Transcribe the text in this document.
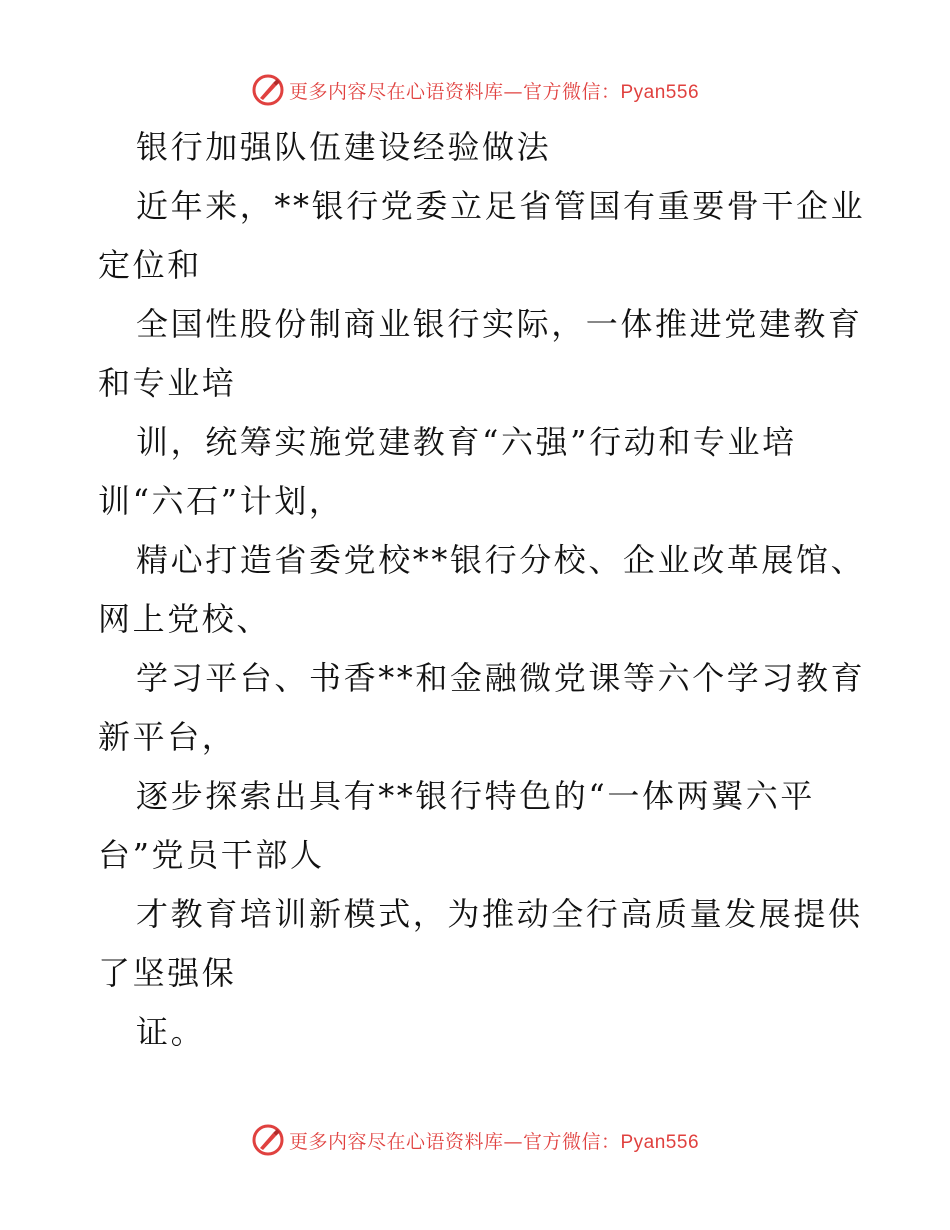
更多内容尽在心语资料库—官方微信：Pyan556
银行加强队伍建设经验做法
近年来，**银行党委立足省管国有重要骨干企业
定位和
全国性股份制商业银行实际，一体推进党建教育
和专业培
训，统筹实施党建教育“六强”行动和专业培
训“六石”计划，
精心打造省委党校**银行分校、企业改革展馆、
网上党校、
学习平台、书香**和金融微党课等六个学习教育
新平台，
逐步探索出具有**银行特色的“一体两翼六平
台”党员干部人
才教育培训新模式，为推动全行高质量发展提供
了坚强保
证。
更多内容尽在心语资料库—官方微信：Pyan556
